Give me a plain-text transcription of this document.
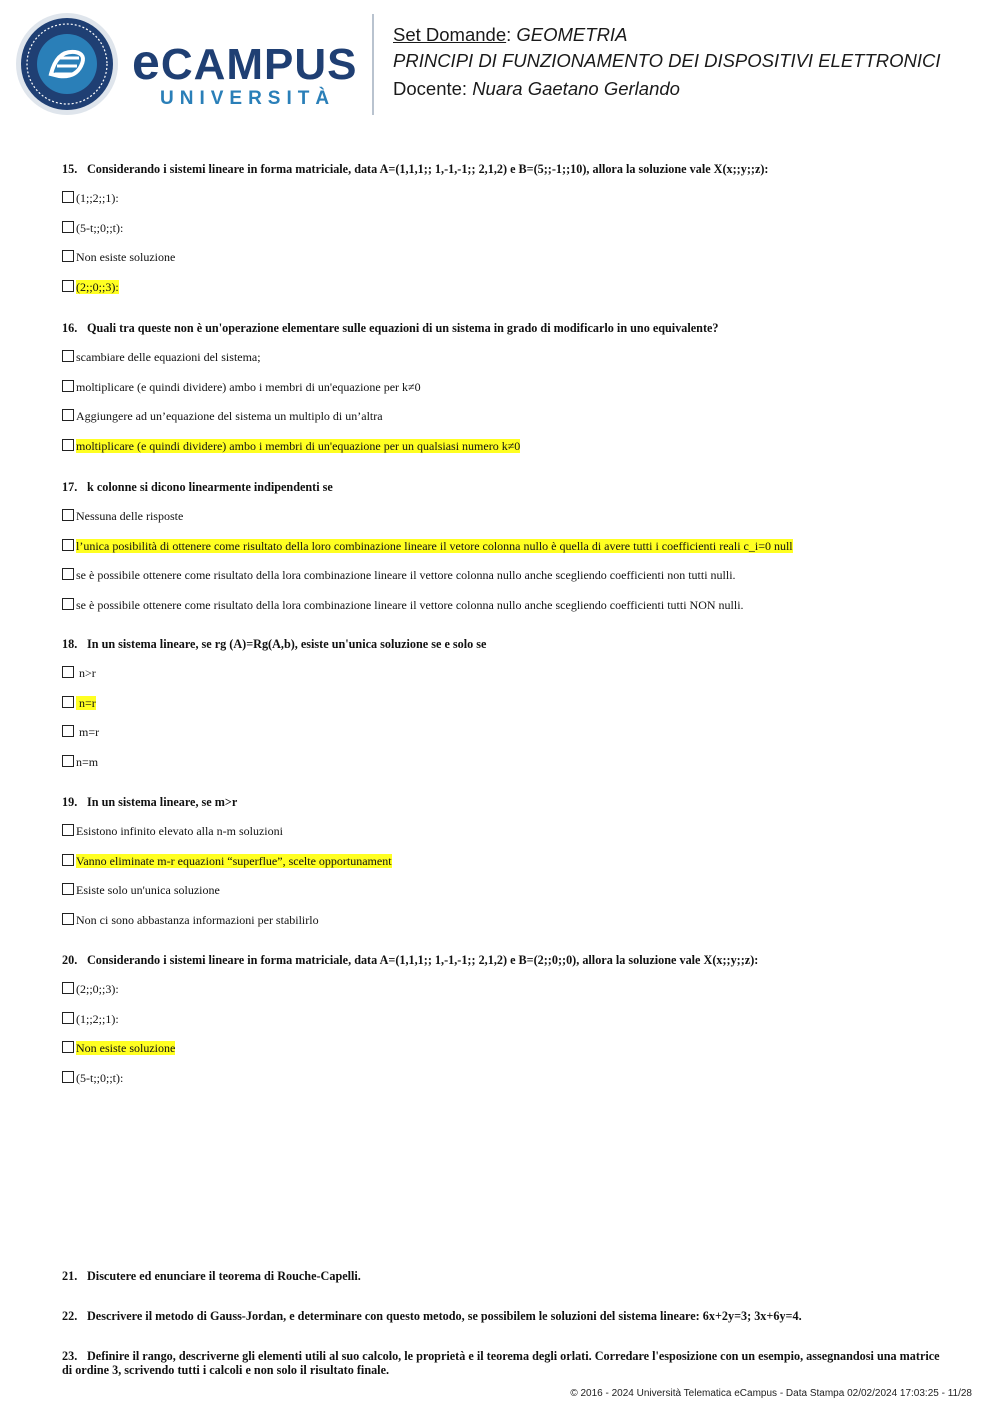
eCAMPUS
UNIVERSITÀ
Set Domande: GEOMETRIA
PRINCIPI DI FUNZIONAMENTO DEI DISPOSITIVI ELETTRONICI
Docente: Nuara Gaetano Gerlando
15. Considerando i sistemi lineare in forma matriciale, data A=(1,1,1;; 1,-1,-1;; 2,1,2) e B=(5;;-1;;10), allora la soluzione vale X(x;;y;;z):
(1;;2;;1):
(5-t;;0;;t):
Non esiste soluzione
(2;;0;;3):
16. Quali tra queste non è un'operazione elementare sulle equazioni di un sistema in grado di modificarlo in uno equivalente?
scambiare delle equazioni del sistema;
moltiplicare (e quindi dividere) ambo i membri di un'equazione per k≠0
Aggiungere ad un’equazione del sistema un multiplo di un’altra
moltiplicare (e quindi dividere) ambo i membri di un'equazione per un qualsiasi numero k≠0
17. k colonne si dicono linearmente indipendenti se
Nessuna delle risposte
l’unica posibilità di ottenere come risultato della loro combinazione lineare il vetore colonna nullo è quella di avere tutti i coefficienti reali c_i=0 null
se è possibile ottenere come risultato della lora combinazione lineare il vettore colonna nullo anche scegliendo coefficienti non tutti nulli.
se è possibile ottenere come risultato della lora combinazione lineare il vettore colonna nullo anche scegliendo coefficienti tutti NON nulli.
18. In un sistema lineare, se rg (A)=Rg(A,b), esiste un'unica soluzione se e solo se
n>r
n=r
m=r
n=m
19. In un sistema lineare, se m>r
Esistono infinito elevato alla n-m soluzioni
Vanno eliminate m-r equazioni “superflue”, scelte opportunament
Esiste solo un'unica soluzione
Non ci sono abbastanza informazioni per stabilirlo
20. Considerando i sistemi lineare in forma matriciale, data A=(1,1,1;; 1,-1,-1;; 2,1,2) e B=(2;;0;;0), allora la soluzione vale X(x;;y;;z):
(2;;0;;3):
(1;;2;;1):
Non esiste soluzione
(5-t;;0;;t):
21. Discutere ed enunciare il teorema di Rouche-Capelli.
22. Descrivere il metodo di Gauss-Jordan, e determinare con questo metodo, se possibilem le soluzioni del sistema lineare: 6x+2y=3; 3x+6y=4.
23. Definire il rango, descriverne gli elementi utili al suo calcolo, le proprietà e il teorema degli orlati. Corredare l'esposizione con un esempio, assegnandosi una matrice di ordine 3, scrivendo tutti i calcoli e non solo il risultato finale.
© 2016 - 2024 Università Telematica eCampus - Data Stampa 02/02/2024 17:03:25 - 11/28
